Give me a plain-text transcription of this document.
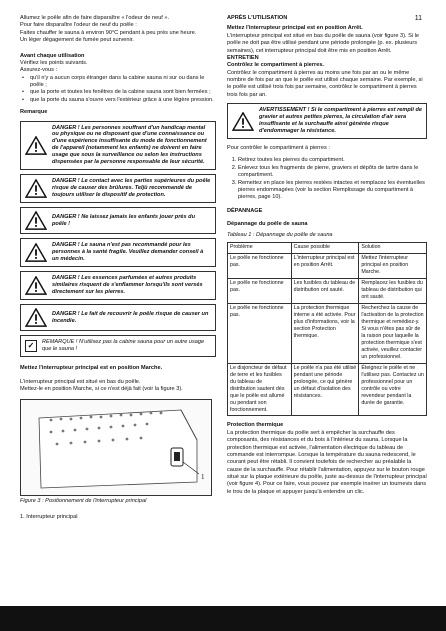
11

Allumez le poêle afin de faire disparaître « l'odeur de neuf ».

Pour faire disparaître l'odeur de neuf du poêle :

Faites chauffer le sauna à environ 90°C pendant à peu près une heure.

Un léger dégagement de fumée peut survenir.

Avant chaque utilisation

Vérifiez les points suivants.

Assurez-vous :

• qu'il n'y a aucun corps étranger dans la cabine sauna ni sur ou dans le poêle ;
• que la porte et toutes les fenêtres de la cabine sauna sont bien fermées ;
• que la porte du sauna s'ouvre vers l'extérieur grâce à une légère pression.

Remarque

DANGER ! Les personnes souffrant d'un handicap mental ou physique ou ne disposant que d'une connaissance ou d'une expérience insuffisante du mode de fonctionnement de l'appareil (notamment les enfants) ne doivent en faire usage que sous la surveillance ou selon les instructions dispensées par la personne responsable de leur sécurité.
DANGER ! Le contact avec les parties supérieures du poêle risque de causer des brûlures. Teljü recommandé de toujours utiliser le dispositif de protection.
DANGER ! Ne laissez jamais les enfants jouer près du poêle !
DANGER ! Le sauna n'est pas recommandé pour les personnes à la santé fragile. Veuillez demander conseil à un médecin.
DANGER ! Les essences parfumées et autres produits similaires risquent de s'enflammer lorsqu'ils sont versés directement sur les pierres.
DANGER ! Le fait de recouvrir le poêle risque de causer un incendie.
✓	REMARQUE ! N'utilisez pas la cabine sauna pour un autre usage que le sauna !

Mettez l'interrupteur principal est en position Marche.

L'interrupteur principal est situé en bas du poêle.

Mettez-le en position Marche, si ce n'est déjà fait (voir la figure 3).

1

Figure 3 : Positionnement de l'interrupteur principal

1. Interrupteur principal

APRÈS L'UTILISATION

Mettez l'interrupteur principal est en position Arrêt.

L'interrupteur principal est situé en bas du poêle de sauna (voir figure 3). Si le poêle ne doit pas être utilisé pendant une période prolongée (p. ex. plusieurs semaines), cet interrupteur principal doit être mis en position Arrêt.

ENTRETIEN

Contrôlez le compartiment à pierres.

Contrôlez le compartiment à pierres au moins une fois par an ou le même nombre de fois par an que le poêle est utilisé chaque semaine. Par exemple, si le poêle est utilisé trois fois par semaine, contrôlez le compartiment à pierres trois fois par an.

AVERTISSEMENT ! Si le compartiment à pierres est rempli de gravier et autres petites pierres, la circulation d'air sera insuffisante et la surchauffe ainsi générée risque d'endommager la résistance.

Pour contrôler le compartiment à pierres :

1. Retirez toutes les pierres du compartiment.
2. Enlevez tous les fragments de pierre, graviers et dépôts de tartre dans le compartiment.
3. Remettez en place les pierres restées intactes et remplacez les éventuelles pierres endommagées (voir la section Remplissage du compartiment à pierres, page 10).

DÉPANNAGE

Dépannage du poêle de sauna

Tableau 1 : Dépannage du poêle de sauna

Problème	Cause possible	Solution
Le poêle ne fonctionne pas.	L'interrupteur principal est en position Arrêt.	Mettez l'interrupteur principal en position Marche.
Le poêle ne fonctionne pas.	Les fusibles du tableau de distribution ont sauté.	Remplacez les fusibles du tableau de distribution qui ont sauté.
Le poêle ne fonctionne pas.	La protection thermique interne a été activée. Pour plus d'informations, voir la section Protection thermique.	Recherchez la cause de l'activation de la protection thermique et remédiez-y. Si vous n'êtes pas sûr de la raison pour laquelle la protection thermique s'est activée, veuillez contacter un professionnel.
Le disjoncteur de défaut de terre et les fusibles du tableau de distribution sautent dès que le poêle est allumé ou pendant son fonctionnement.	Le poêle n'a pas été utilisé pendant une période prolongée, ce qui génère un défaut d'isolation des résistances.	Éteignez le poêle et ne l'utilisez pas. Contactez un professionnel pour un contrôle ou votre revendeur pendant la durée de garantie.

Protection thermique

La protection thermique du poêle sert à empêcher la surchauffe des composants, des résistances et du bois à l'intérieur du sauna. Lorsque la protection thermique est activée, l'alimentation électrique du tableau de commande est interrompue. Lorsque la température du sauna redescend, le courant peut être rétabli. Il convient toutefois de rechercher au préalable la cause de la surchauffe. Pour rétablir l'alimentation, appuyez sur le bouton rouge situé sur la plaque extérieure du poêle, juste au-dessus de l'interrupteur principal (voir figure 4). Pour ce faire, vous pouvez par exemple insérer un tournevis dans le trou de la plaque et appuyer jusqu'à entendre un clic.
